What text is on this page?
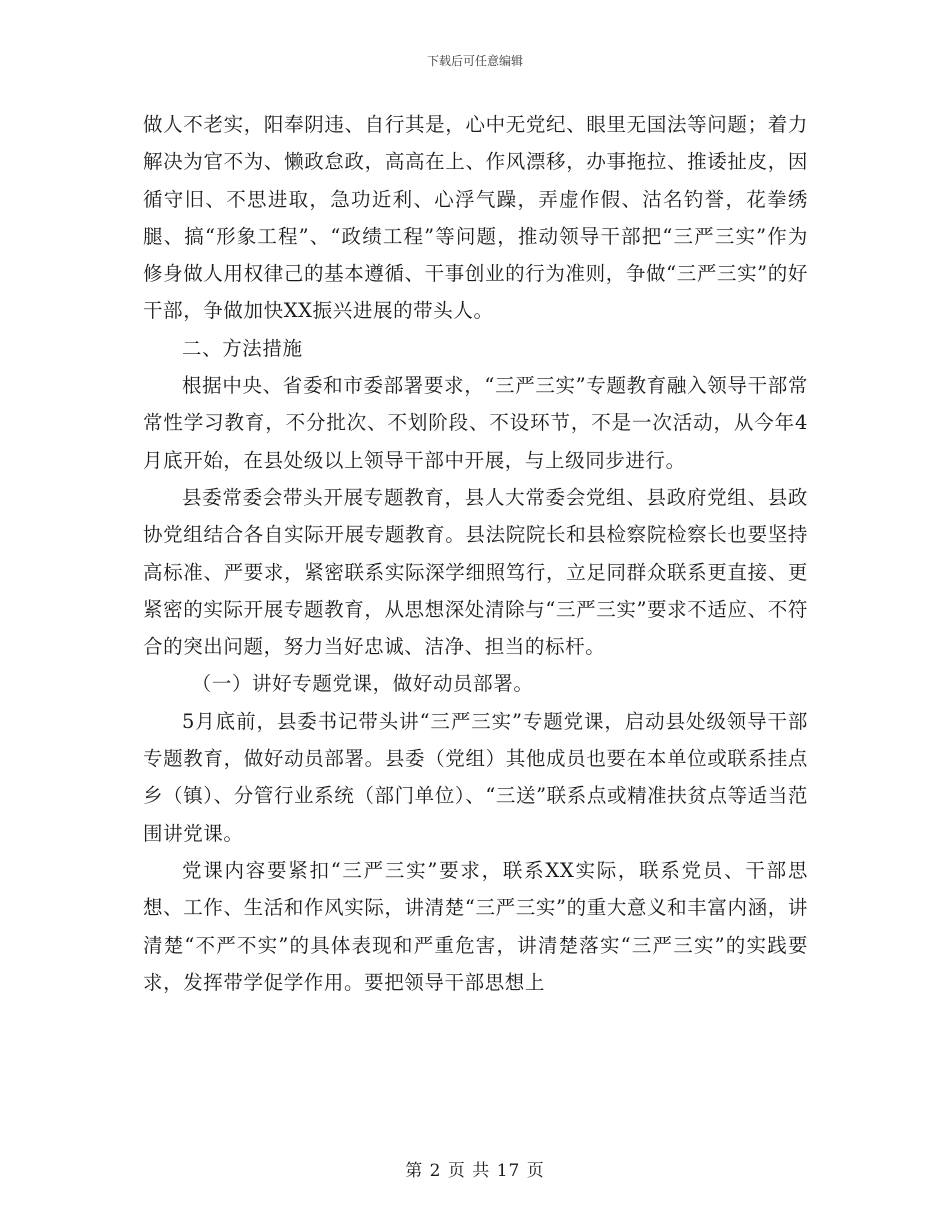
下载后可任意编辑

做人不老实，阳奉阴违、自行其是，心中无党纪、眼里无国法等问题；着力解决为官不为、懒政怠政，高高在上、作风漂移，办事拖拉、推诿扯皮，因循守旧、不思进取，急功近利、心浮气躁，弄虚作假、沽名钓誉，花拳绣腿、搞“形象工程”、“政绩工程”等问题，推动领导干部把“三严三实”作为修身做人用权律己的基本遵循、干事创业的行为准则，争做“三严三实”的好干部，争做加快XX振兴进展的带头人。

二、方法措施

根据中央、省委和市委部署要求，“三严三实”专题教育融入领导干部常常性学习教育，不分批次、不划阶段、不设环节，不是一次活动，从今年4月底开始，在县处级以上领导干部中开展，与上级同步进行。

县委常委会带头开展专题教育，县人大常委会党组、县政府党组、县政协党组结合各自实际开展专题教育。县法院院长和县检察院检察长也要坚持高标准、严要求，紧密联系实际深学细照笃行，立足同群众联系更直接、更紧密的实际开展专题教育，从思想深处清除与“三严三实”要求不适应、不符合的突出问题，努力当好忠诚、洁净、担当的标杆。

（一）讲好专题党课，做好动员部署。

5月底前，县委书记带头讲“三严三实”专题党课，启动县处级领导干部专题教育，做好动员部署。县委（党组）其他成员也要在本单位或联系挂点乡（镇）、分管行业系统（部门单位）、“三送”联系点或精准扶贫点等适当范围讲党课。

党课内容要紧扣“三严三实”要求，联系XX实际，联系党员、干部思想、工作、生活和作风实际，讲清楚“三严三实”的重大意义和丰富内涵，讲清楚“不严不实”的具体表现和严重危害，讲清楚落实“三严三实”的实践要求，发挥带学促学作用。要把领导干部思想上

第 2 页 共 17 页
